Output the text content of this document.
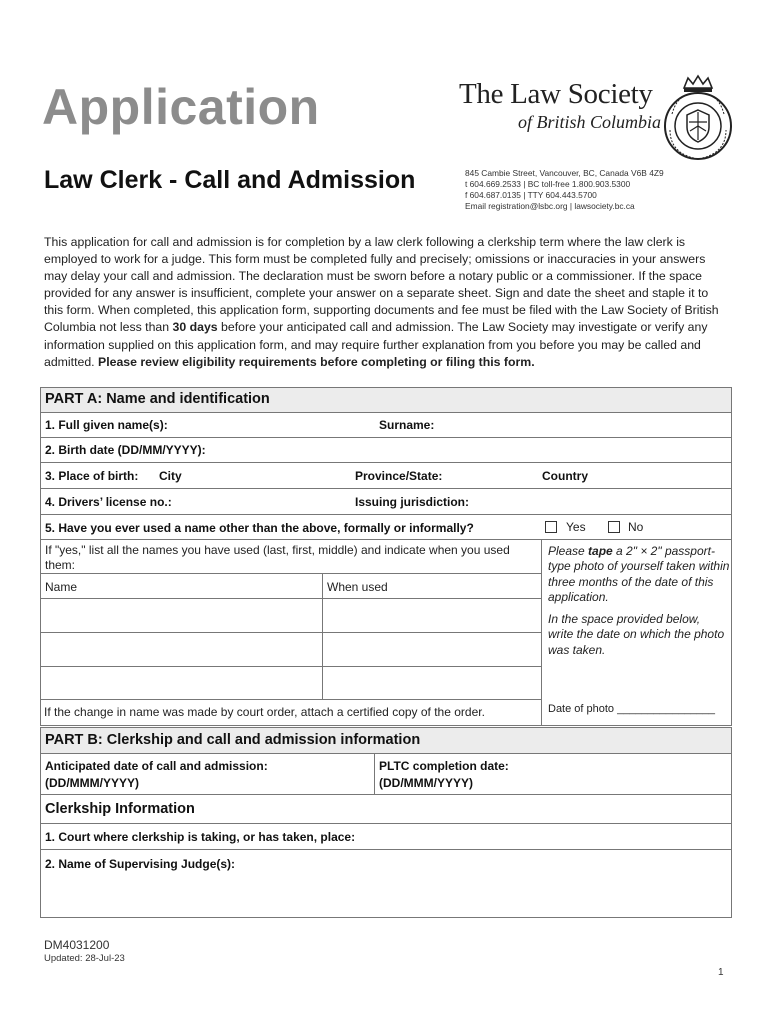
Application
Law Clerk - Call and Admission
The Law Society
of British Columbia
845 Cambie Street, Vancouver, BC, Canada V6B 4Z9
t 604.669.2533 | BC toll-free 1.800.903.5300
f 604.687.0135 | TTY 604.443.5700
Email registration@lsbc.org | lawsociety.bc.ca

This application for call and admission is for completion by a law clerk following a clerkship term where the law clerk is employed to work for a judge. This form must be completed fully and precisely; omissions or inaccuracies in your answers may delay your call and admission. The declaration must be sworn before a notary public or a commissioner. If the space provided for any answer is insufficient, complete your answer on a separate sheet. Sign and date the sheet and staple it to this form. When completed, this application form, supporting documents and fee must be filed with the Law Society of British Columbia not less than 30 days before your anticipated call and admission. The Law Society may investigate or verify any information supplied on this application form, and may require further explanation from you before you may be called and admitted. Please review eligibility requirements before completing or filing this form.

PART A: Name and identification
1. Full given name(s):	Surname:
2. Birth date (DD/MM/YYYY):
3. Place of birth: City	Province/State:	Country
4. Drivers’ license no.:	Issuing jurisdiction:
5. Have you ever used a name other than the above, formally or informally?	Yes	No
If "yes," list all the names you have used (last, first, middle) and indicate when you used them:
Name	When used
If the change in name was made by court order, attach a certified copy of the order.
Please tape a 2" × 2" passport-type photo of yourself taken within three months of the date of this application.
In the space provided below, write the date on which the photo was taken.
Date of photo ________________
PART B: Clerkship and call and admission information
Anticipated date of call and admission:
(DD/MMM/YYYY)
PLTC completion date:
(DD/MMM/YYYY)
Clerkship Information
1. Court where clerkship is taking, or has taken, place:
2. Name of Supervising Judge(s):
DM4031200
Updated: 28-Jul-23
1
